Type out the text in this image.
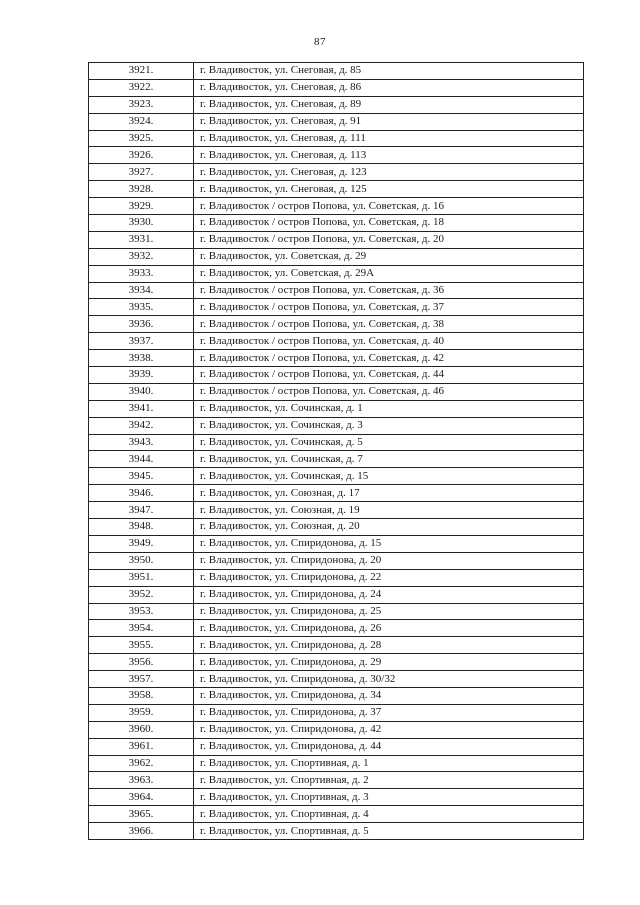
87
3921.	г. Владивосток, ул. Снеговая, д. 85
3922.	г. Владивосток, ул. Снеговая, д. 86
3923.	г. Владивосток, ул. Снеговая, д. 89
3924.	г. Владивосток, ул. Снеговая, д. 91
3925.	г. Владивосток, ул. Снеговая, д. 111
3926.	г. Владивосток, ул. Снеговая, д. 113
3927.	г. Владивосток, ул. Снеговая, д. 123
3928.	г. Владивосток, ул. Снеговая, д. 125
3929.	г. Владивосток / остров Попова, ул. Советская, д. 16
3930.	г. Владивосток / остров Попова, ул. Советская, д. 18
3931.	г. Владивосток / остров Попова, ул. Советская, д. 20
3932.	г. Владивосток, ул. Советская, д. 29
3933.	г. Владивосток, ул. Советская, д. 29А
3934.	г. Владивосток / остров Попова, ул. Советская, д. 36
3935.	г. Владивосток / остров Попова, ул. Советская, д. 37
3936.	г. Владивосток / остров Попова, ул. Советская, д. 38
3937.	г. Владивосток / остров Попова, ул. Советская, д. 40
3938.	г. Владивосток / остров Попова, ул. Советская, д. 42
3939.	г. Владивосток / остров Попова, ул. Советская, д. 44
3940.	г. Владивосток / остров Попова, ул. Советская, д. 46
3941.	г. Владивосток, ул. Сочинская, д. 1
3942.	г. Владивосток, ул. Сочинская, д. 3
3943.	г. Владивосток, ул. Сочинская, д. 5
3944.	г. Владивосток, ул. Сочинская, д. 7
3945.	г. Владивосток, ул. Сочинская, д. 15
3946.	г. Владивосток, ул. Союзная, д. 17
3947.	г. Владивосток, ул. Союзная, д. 19
3948.	г. Владивосток, ул. Союзная, д. 20
3949.	г. Владивосток, ул. Спиридонова, д. 15
3950.	г. Владивосток, ул. Спиридонова, д. 20
3951.	г. Владивосток, ул. Спиридонова, д. 22
3952.	г. Владивосток, ул. Спиридонова, д. 24
3953.	г. Владивосток, ул. Спиридонова, д. 25
3954.	г. Владивосток, ул. Спиридонова, д. 26
3955.	г. Владивосток, ул. Спиридонова, д. 28
3956.	г. Владивосток, ул. Спиридонова, д. 29
3957.	г. Владивосток, ул. Спиридонова, д. 30/32
3958.	г. Владивосток, ул. Спиридонова, д. 34
3959.	г. Владивосток, ул. Спиридонова, д. 37
3960.	г. Владивосток, ул. Спиридонова, д. 42
3961.	г. Владивосток, ул. Спиридонова, д. 44
3962.	г. Владивосток, ул. Спортивная, д. 1
3963.	г. Владивосток, ул. Спортивная, д. 2
3964.	г. Владивосток, ул. Спортивная, д. 3
3965.	г. Владивосток, ул. Спортивная, д. 4
3966.	г. Владивосток, ул. Спортивная, д. 5
